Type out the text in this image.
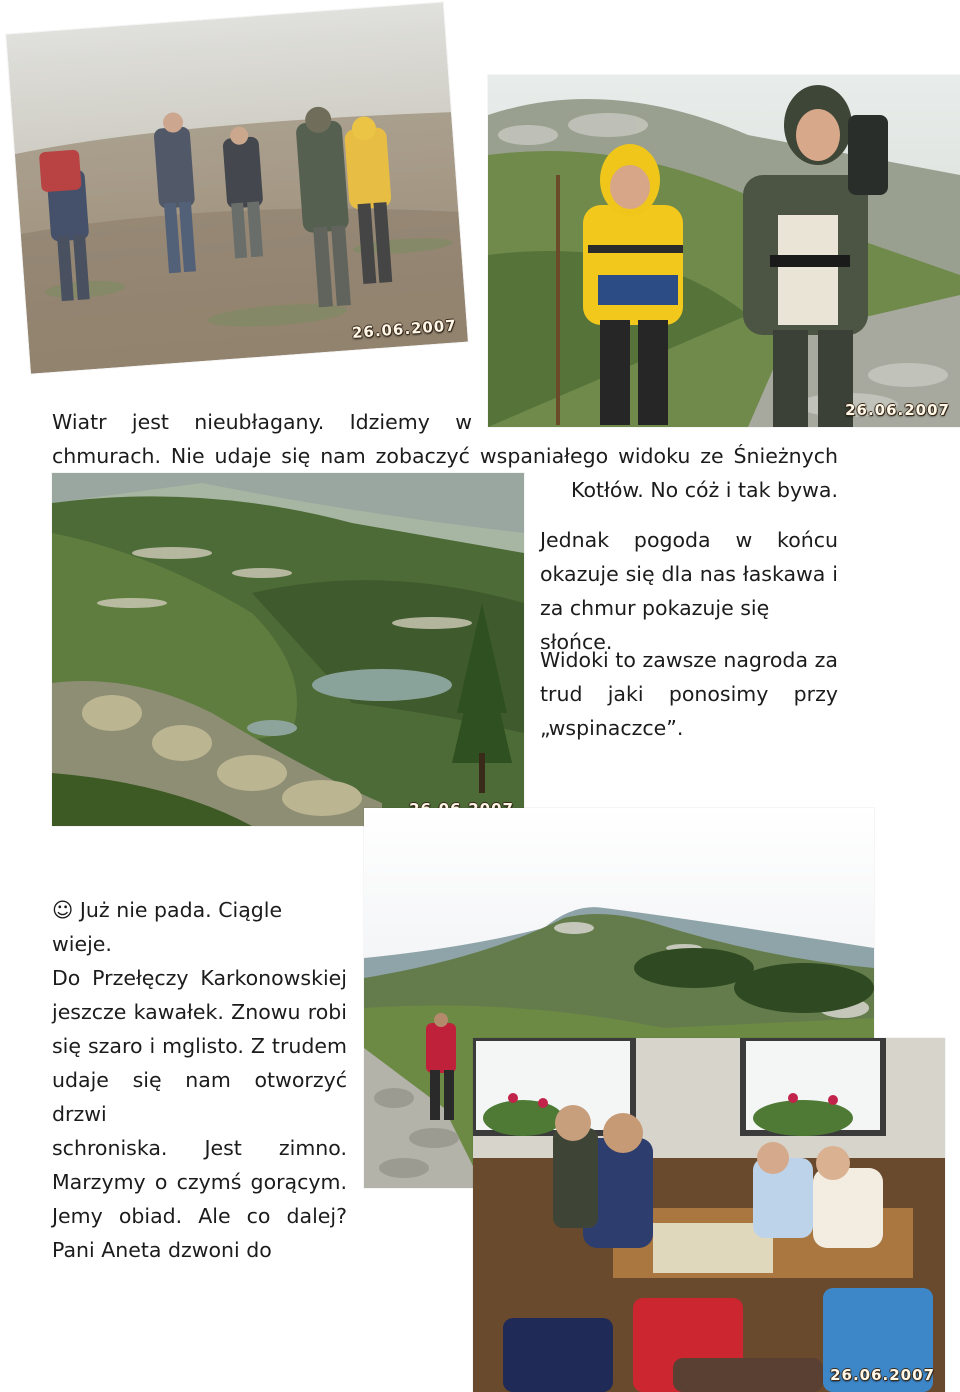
26.06.2007
26.06.2007
Wiatr jest nieubłagany. Idziemy w
chmurach. Nie udaje się nam zobaczyć wspaniałego widoku ze Śnieżnych
Kotłów. No cóż i tak bywa.
Jednak pogoda w końcu
okazuje się dla nas łaskawa i
za chmur pokazuje się słońce.
Widoki to zawsze nagroda za
trud jaki ponosimy przy
„wspinaczce”.
26.06.2007
☺ Już nie pada. Ciągle wieje.
Do Przełęczy Karkonowskiej
jeszcze kawałek. Znowu robi
się szaro i mglisto. Z trudem
udaje się nam otworzyć drzwi
schroniska. Jest zimno.
Marzymy o czymś gorącym.
Jemy obiad. Ale co dalej?
Pani Aneta dzwoni do
